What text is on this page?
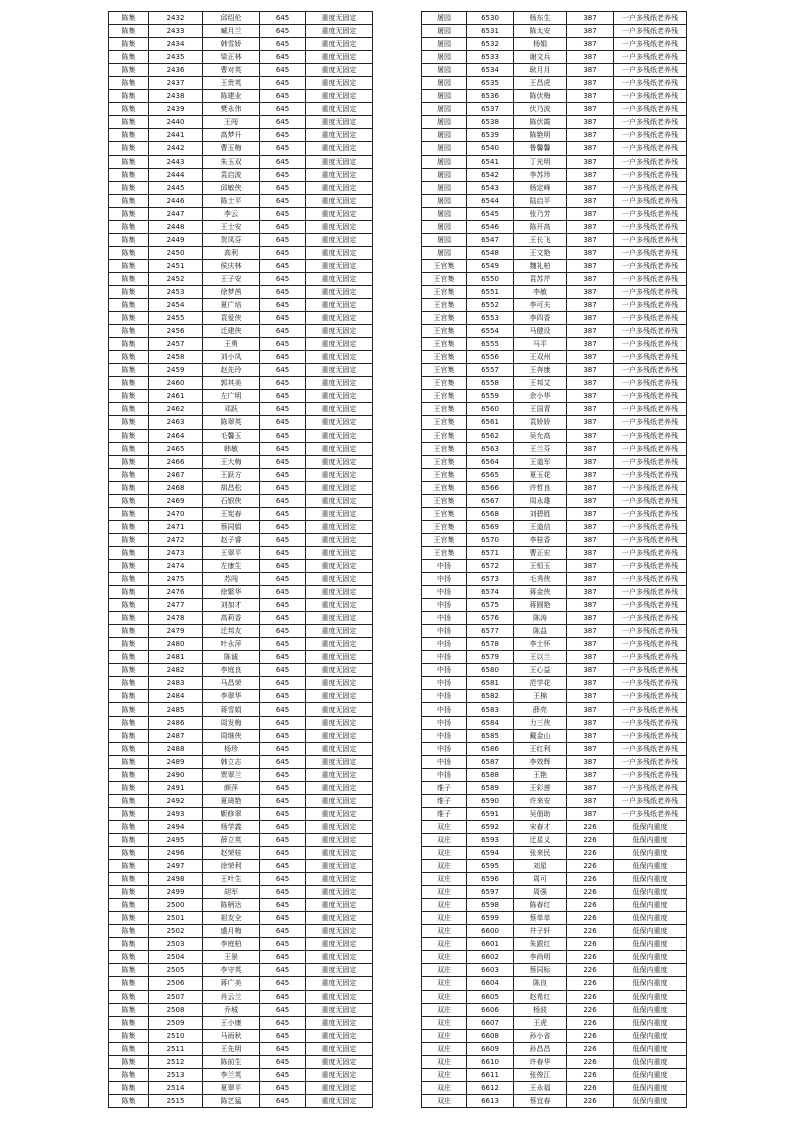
陈集	2432	邱绍伦	645	重度无固定
陈集	2433	臧月兰	645	重度无固定
陈集	2434	韩雪娇	645	重度无固定
陈集	2435	梁正林	645	重度无固定
陈集	2436	曹对英	645	重度无固定
陈集	2437	王贵英	645	重度无固定
陈集	2438	陈建业	645	重度无固定
陈集	2439	樊永伟	645	重度无固定
陈集	2440	王闯	645	重度无固定
陈集	2441	高梦升	645	重度无固定
陈集	2442	曹玉梅	645	重度无固定
陈集	2443	朱玉双	645	重度无固定
陈集	2444	袁启波	645	重度无固定
陈集	2445	邱敏侠	645	重度无固定
陈集	2446	陈士平	645	重度无固定
陈集	2447	李云	645	重度无固定
陈集	2448	王士安	645	重度无固定
陈集	2449	贺凤芬	645	重度无固定
陈集	2450	高利	645	重度无固定
陈集	2451	侯庆林	645	重度无固定
陈集	2452	王子安	645	重度无固定
陈集	2453	徐梦茜	645	重度无固定
陈集	2454	夏广培	645	重度无固定
陈集	2455	袁爱侠	645	重度无固定
陈集	2456	迁建侠	645	重度无固定
陈集	2457	王勇	645	重度无固定
陈集	2458	刘小凤	645	重度无固定
陈集	2459	赵先玲	645	重度无固定
陈集	2460	郭其美	645	重度无固定
陈集	2461	左广明	645	重度无固定
陈集	2462	邓跃	645	重度无固定
陈集	2463	陈翠英	645	重度无固定
陈集	2464	毛馨玉	645	重度无固定
陈集	2465	韩敏	645	重度无固定
陈集	2466	王大梅	645	重度无固定
陈集	2467	王跃方	645	重度无固定
陈集	2468	胡昌松	645	重度无固定
陈集	2469	石银侠	645	重度无固定
陈集	2470	王宪春	645	重度无固定
陈集	2471	蔡同娟	645	重度无固定
陈集	2472	赵子睿	645	重度无固定
陈集	2473	王翠平	645	重度无固定
陈集	2474	左康生	645	重度无固定
陈集	2475	苏闯	645	重度无固定
陈集	2476	徐繁华	645	重度无固定
陈集	2477	刘加才	645	重度无固定
陈集	2478	高莉香	645	重度无固定
陈集	2479	迁邦友	645	重度无固定
陈集	2480	叶永萍	645	重度无固定
陈集	2481	陈诚	645	重度无固定
陈集	2482	李庭良	645	重度无固定
陈集	2483	马昌荣	645	重度无固定
陈集	2484	李翠华	645	重度无固定
陈集	2485	蒋雪娟	645	重度无固定
陈集	2486	周发梅	645	重度无固定
陈集	2487	周继侠	645	重度无固定
陈集	2488	杨珍	645	重度无固定
陈集	2489	韩立志	645	重度无固定
陈集	2490	贾翠兰	645	重度无固定
陈集	2491	颜萍	645	重度无固定
陈集	2492	夏琦艳	645	重度无固定
陈集	2493	靳修翠	645	重度无固定
陈集	2494	杨学義	645	重度无固定
陈集	2495	薛立英	645	重度无固定
陈集	2496	赵荣桂	645	重度无固定
陈集	2497	徐荣利	645	重度无固定
陈集	2498	王叶生	645	重度无固定
陈集	2499	胡军	645	重度无固定
陈集	2500	陈柄达	645	重度无固定
陈集	2501	祖友全	645	重度无固定
陈集	2502	盛月梅	645	重度无固定
陈集	2503	李庭柏	645	重度无固定
陈集	2504	王景	645	重度无固定
陈集	2505	李守英	645	重度无固定
陈集	2506	蒋广美	645	重度无固定
陈集	2507	肖云兰	645	重度无固定
陈集	2508	乔城	645	重度无固定
陈集	2509	王小康	645	重度无固定
陈集	2510	马雨秋	645	重度无固定
陈集	2511	王先明	645	重度无固定
陈集	2512	陈前生	645	重度无固定
陈集	2513	李兰英	645	重度无固定
陈集	2514	夏翠平	645	重度无固定
陈集	2515	陈艺猛	645	重度无固定
屠园	6530	杨东生	387	一户多残纸老养残
屠园	6531	陈太安	387	一户多残纸老养残
屠园	6532	杨娟	387	一户多残纸老养残
屠园	6533	谢文兵	387	一户多残纸老养残
屠园	6534	耿月月	387	一户多残纸老养残
屠园	6535	王昌虎	387	一户多残纸老养残
屠园	6536	陈伏梅	387	一户多残纸老养残
屠园	6537	伏乃波	387	一户多残纸老养残
屠园	6538	陈伏霞	387	一户多残纸老养残
屠园	6539	陈艳明	387	一户多残纸老养残
屠园	6540	鲁馨馨	387	一户多残纸老养残
屠园	6541	丁光明	387	一户多残纸老养残
屠园	6542	李苏珍	387	一户多残纸老养残
屠园	6543	杨定峰	387	一户多残纸老养残
屠园	6544	陆启平	387	一户多残纸老养残
屠园	6545	张乃芳	387	一户多残纸老养残
屠园	6546	陈开高	387	一户多残纸老养残
屠园	6547	王长飞	387	一户多残纸老养残
屠园	6548	王文艳	387	一户多残纸老养残
王官集	6549	魏礼柏	387	一户多残纸老养残
王官集	6550	袁苏芹	387	一户多残纸老养残
王官集	6551	李敏	387	一户多残纸老养残
王官集	6552	李可夫	387	一户多残纸老养残
王官集	6553	李四香	387	一户多残纸老养残
王官集	6554	马健设	387	一户多残纸老养残
王官集	6555	马平	387	一户多残纸老养残
王官集	6556	王双州	387	一户多残纸老养残
王官集	6557	王奔康	387	一户多残纸老养残
王官集	6558	王邦艾	387	一户多残纸老养残
王官集	6559	余小华	387	一户多残纸老养残
王官集	6560	王国青	387	一户多残纸老养残
王官集	6561	袁娇娇	387	一户多残纸老养残
王官集	6562	吴允高	387	一户多残纸老养残
王官集	6563	王兰芬	387	一户多残纸老养残
王官集	6564	王道军	387	一户多残纸老养残
王官集	6565	夏玉花	387	一户多残纸老养残
王官集	6566	许哲良	387	一户多残纸老养残
王官集	6567	周永雄	387	一户多残纸老养残
王官集	6568	刘碧胜	387	一户多残纸老养残
王官集	6569	王道信	387	一户多残纸老养残
王官集	6570	李桂香	387	一户多残纸老养残
王官集	6571	曹正宏	387	一户多残纸老养残
中扬	6572	王恒玉	387	一户多残纸老养残
中扬	6573	毛秀侠	387	一户多残纸老养残
中扬	6574	蒋金侠	387	一户多残纸老养残
中扬	6575	蒋圆艳	387	一户多残纸老养残
中扬	6576	陈涛	387	一户多残纸老养残
中扬	6577	陈益	387	一户多残纸老养残
中扬	6578	李士怀	387	一户多残纸老养残
中扬	6579	王以兰	387	一户多残纸老养残
中扬	6580	王心益	387	一户多残纸老养残
中扬	6581	范学花	387	一户多残纸老养残
中扬	6582	王棉	387	一户多残纸老养残
中扬	6583	薛亮	387	一户多残纸老养残
中扬	6584	力三侠	387	一户多残纸老养残
中扬	6585	戴金山	387	一户多残纸老养残
中扬	6586	王红利	387	一户多残纸老养残
中扬	6587	李效辉	387	一户多残纸老养残
中扬	6588	王艳	387	一户多残纸老养残
维子	6589	王彩莲	387	一户多残纸老养残
维子	6590	许来安	387	一户多残纸老养残
维子	6591	吴佃助	387	一户多残纸老养残
双庄	6592	宋春才	226	低保内重度
双庄	6593	迁星义	226	低保内重度
双庄	6594	张来民	226	低保内重度
双庄	6595	刘星	226	低保内重度
双庄	6596	周可	226	低保内重度
双庄	6597	周强	226	低保内重度
双庄	6598	陈春红	226	低保内重度
双庄	6599	蔡单单	226	低保内重度
双庄	6600	井子轩	226	低保内重度
双庄	6601	朱跟红	226	低保内重度
双庄	6602	李尚明	226	低保内重度
双庄	6603	蔡同标	226	低保内重度
双庄	6604	陈良	226	低保内重度
双庄	6605	赵希红	226	低保内重度
双庄	6606	杨波	226	低保内重度
双庄	6607	王虎	226	低保内重度
双庄	6608	孙小省	226	低保内重度
双庄	6609	孙昌昌	226	低保内重度
双庄	6610	许春华	226	低保内重度
双庄	6611	张俊江	226	低保内重度
双庄	6612	王永福	226	低保内重度
双庄	6613	蔡宜春	226	低保内重度
